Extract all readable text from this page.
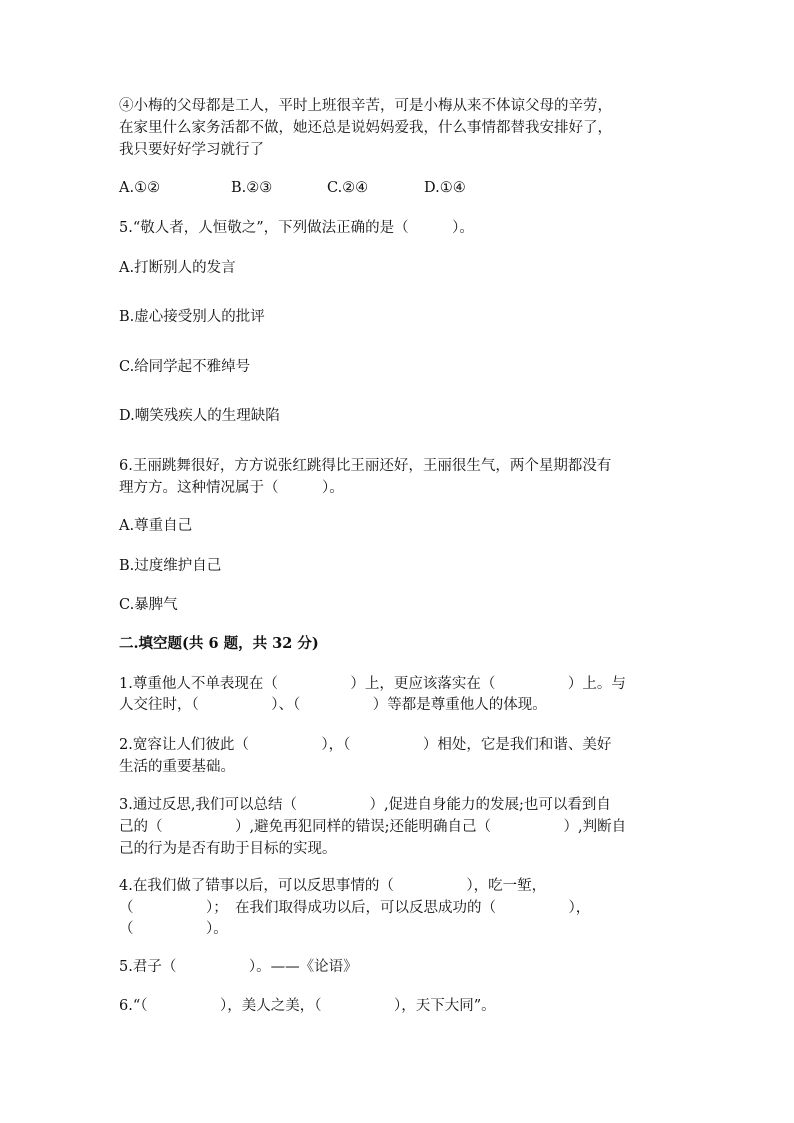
④小梅的父母都是工人，平时上班很辛苦，可是小梅从来不体谅父母的辛劳，
在家里什么家务活都不做，她还总是说妈妈爱我，什么事情都替我安排好了，
我只要好好学习就行了
A.①②	B.②③	C.②④	D.①④
5.“敬人者，人恒敬之”，下列做法正确的是（　　　）。
A.打断别人的发言
B.虚心接受别人的批评
C.给同学起不雅绰号
D.嘲笑残疾人的生理缺陷
6.王丽跳舞很好，方方说张红跳得比王丽还好，王丽很生气，两个星期都没有
理方方。这种情况属于（　　　）。
A.尊重自己
B.过度维护自己
C.暴脾气
二.填空题(共 6 题，共 32 分)
1.尊重他人不单表现在（　　　　　）上，更应该落实在（　　　　　）上。与
人交往时，（　　　　　）、（　　　　　）等都是尊重他人的体现。
2.宽容让人们彼此（　　　　　），（　　　　　）相处，它是我们和谐、美好
生活的重要基础。
3.通过反思,我们可以总结（　　　　　）,促进自身能力的发展;也可以看到自
己的（　　　　　）,避免再犯同样的错误;还能明确自己（　　　　　）,判断自
己的行为是否有助于目标的实现。
4.在我们做了错事以后，可以反思事情的（　　　　　），吃一堑，
（　　　　　）；　在我们取得成功以后，可以反思成功的（　　　　　），
（　　　　　）。
5.君子（　　　　　）。——《论语》
6.“（　　　　　），美人之美，（　　　　　），天下大同”。
